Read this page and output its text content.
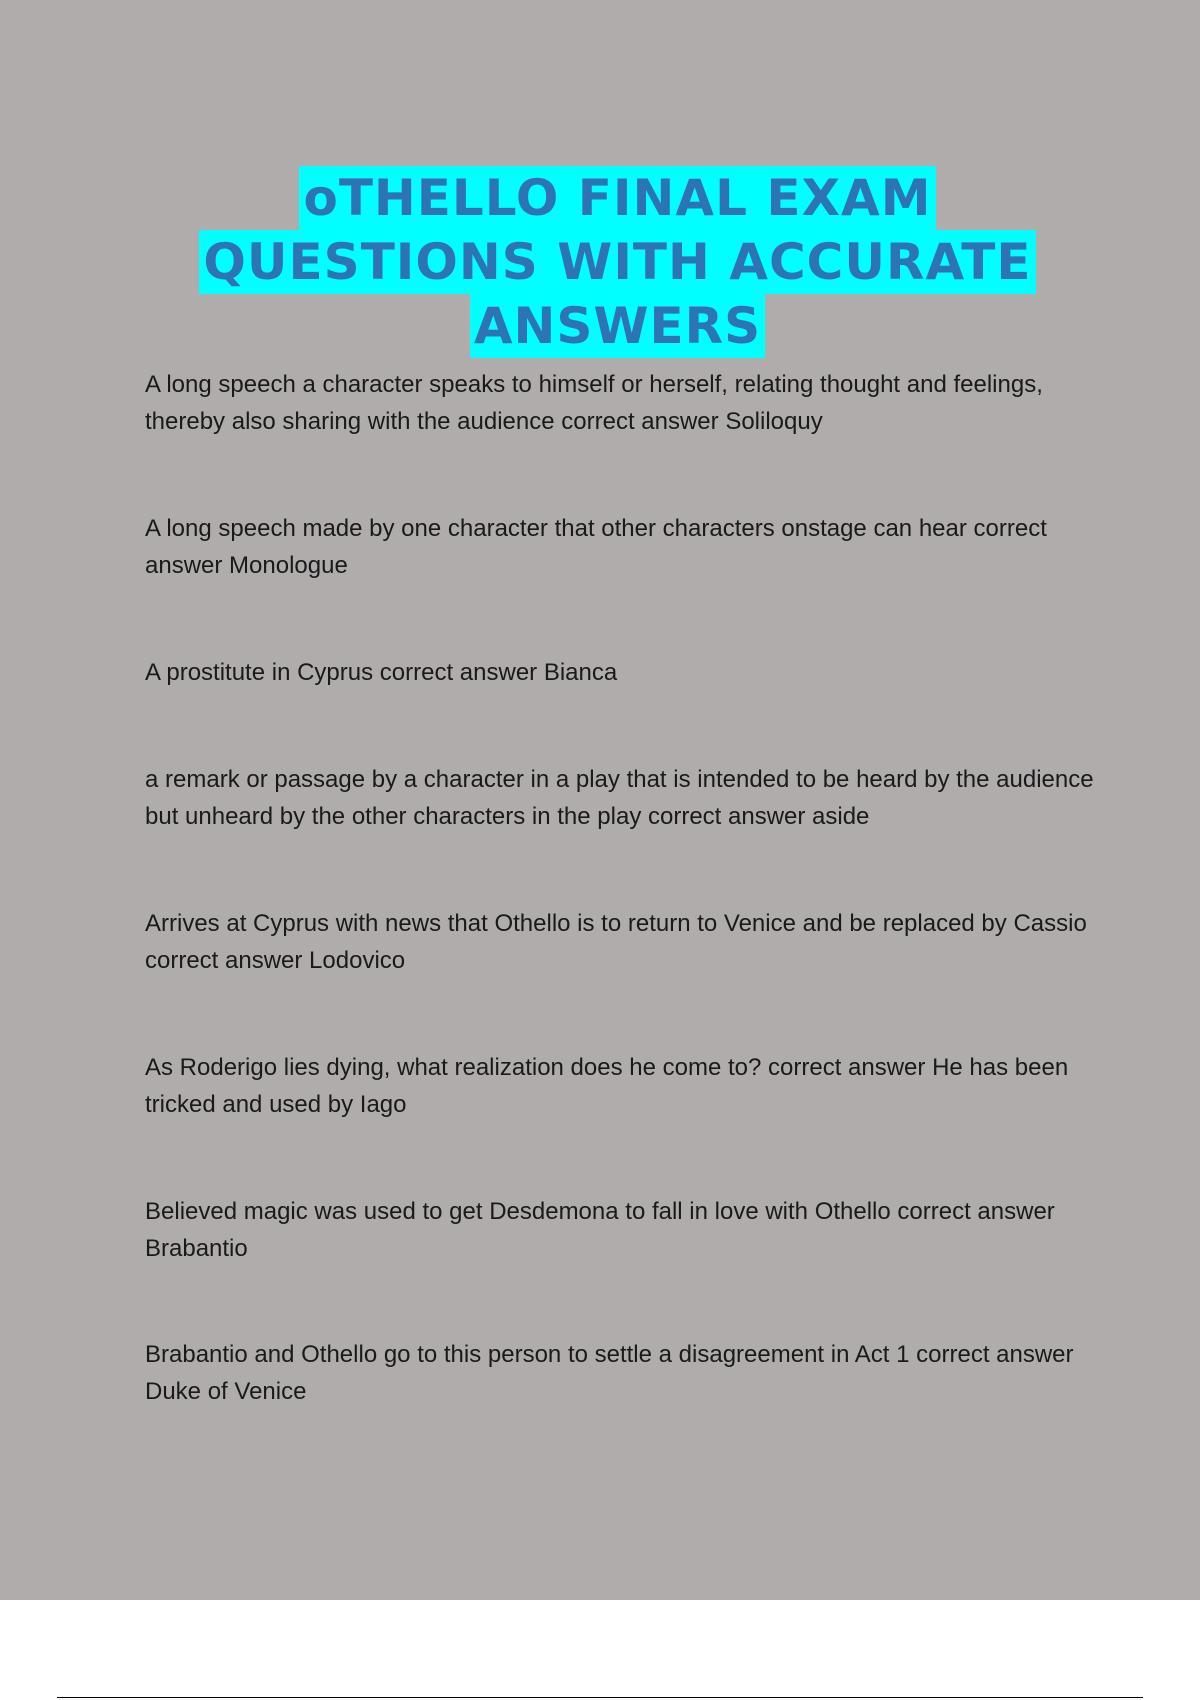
oTHELLO FINAL EXAM
QUESTIONS WITH ACCURATE
ANSWERS
A long speech a character speaks to himself or herself, relating thought and feelings, thereby also sharing with the audience correct answer Soliloquy
A long speech made by one character that other characters onstage can hear correct answer Monologue
A prostitute in Cyprus correct answer Bianca
a remark or passage by a character in a play that is intended to be heard by the audience but unheard by the other characters in the play correct answer aside
Arrives at Cyprus with news that Othello is to return to Venice and be replaced by Cassio correct answer Lodovico
As Roderigo lies dying, what realization does he come to? correct answer He has been tricked and used by Iago
Believed magic was used to get Desdemona to fall in love with Othello correct answer Brabantio
Brabantio and Othello go to this person to settle a disagreement in Act 1 correct answer Duke of Venice
